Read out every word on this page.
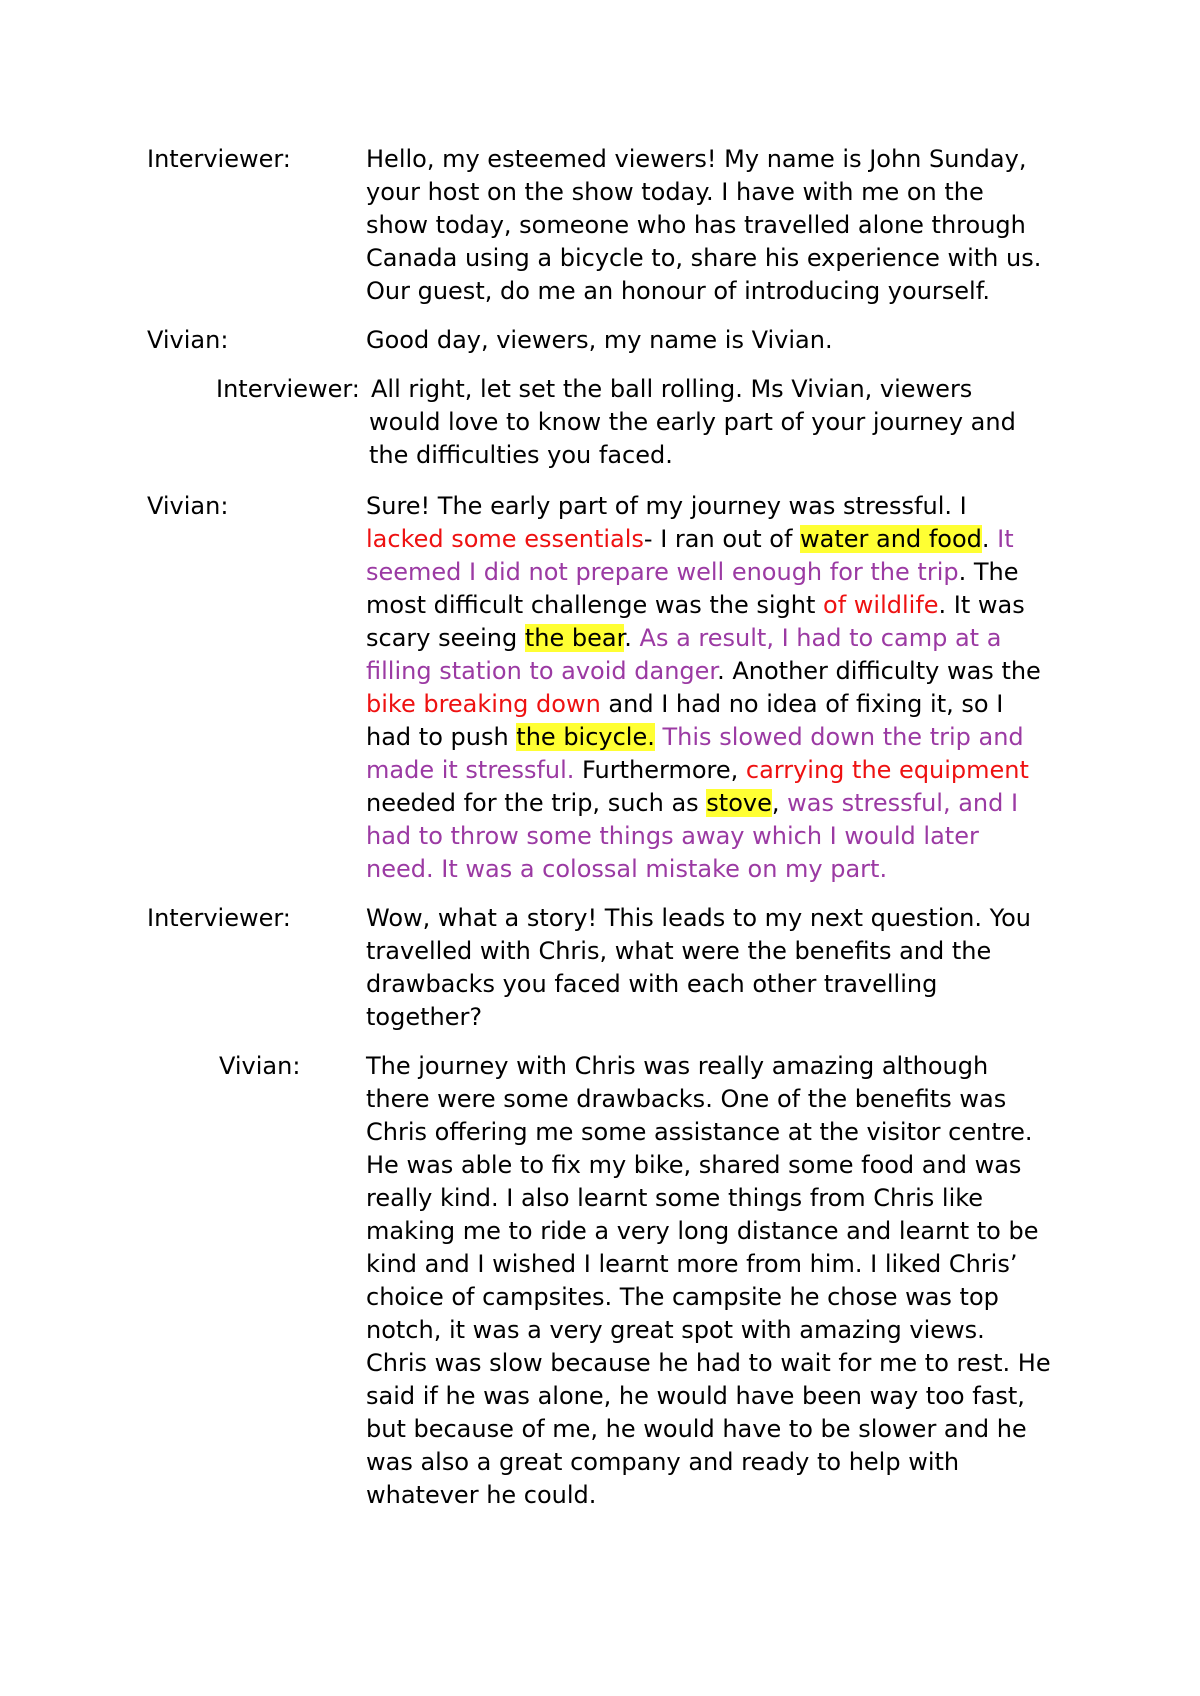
Interviewer:	Hello, my esteemed viewers! My name is John Sunday,
your host on the show today. I have with me on the
show today, someone who has travelled alone through
Canada using a bicycle to, share his experience with us.
Our guest, do me an honour of introducing yourself.
Vivian:	Good day, viewers, my name is Vivian.
Interviewer: All right, let set the ball rolling. Ms Vivian, viewers
would love to know the early part of your journey and
the difficulties you faced.
Vivian:	Sure! The early part of my journey was stressful. I
lacked some essentials- I ran out of water and food. It
seemed I did not prepare well enough for the trip. The
most difficult challenge was the sight of wildlife. It was
scary seeing the bear. As a result, I had to camp at a
filling station to avoid danger. Another difficulty was the
bike breaking down and I had no idea of fixing it, so I
had to push the bicycle. This slowed down the trip and
made it stressful. Furthermore, carrying the equipment
needed for the trip, such as stove, was stressful, and I
had to throw some things away which I would later
need. It was a colossal mistake on my part.
Interviewer:	Wow, what a story! This leads to my next question. You
travelled with Chris, what were the benefits and the
drawbacks you faced with each other travelling
together?
Vivian:	The journey with Chris was really amazing although
there were some drawbacks. One of the benefits was
Chris offering me some assistance at the visitor centre.
He was able to fix my bike, shared some food and was
really kind. I also learnt some things from Chris like
making me to ride a very long distance and learnt to be
kind and I wished I learnt more from him. I liked Chris’
choice of campsites. The campsite he chose was top
notch, it was a very great spot with amazing views.
Chris was slow because he had to wait for me to rest. He
said if he was alone, he would have been way too fast,
but because of me, he would have to be slower and he
was also a great company and ready to help with
whatever he could.
